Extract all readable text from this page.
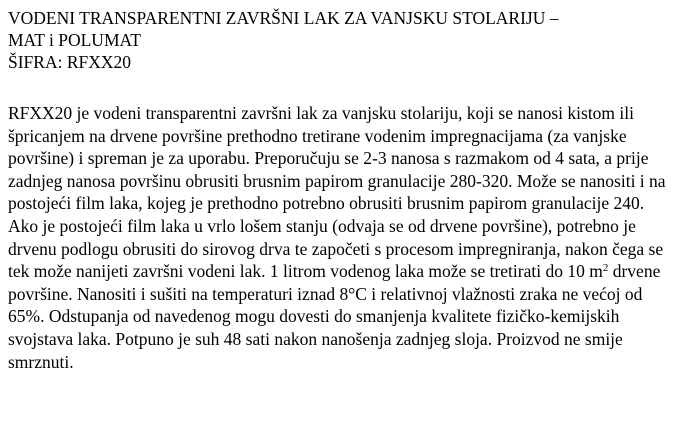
VODENI TRANSPARENTNI ZAVRŠNI LAK ZA VANJSKU STOLARIJU –
MAT i POLUMAT
ŠIFRA: RFXX20

RFXX20 je vodeni transparentni završni lak za vanjsku stolariju, koji se nanosi kistom ili špricanjem na drvene površine prethodno tretirane vodenim impregnacijama (za vanjske površine) i spreman je za uporabu. Preporučuju se 2-3 nanosa s razmakom od 4 sata, a prije zadnjeg nanosa površinu obrusiti brusnim papirom granulacije 280-320. Može se nanositi i na postojeći film laka, kojeg je prethodno potrebno obrusiti brusnim papirom granulacije 240. Ako je postojeći film laka u vrlo lošem stanju (odvaja se od drvene površine), potrebno je drvenu podlogu obrusiti do sirovog drva te započeti s procesom impregniranja, nakon čega se tek može nanijeti završni vodeni lak. 1 litrom vodenog laka može se tretirati do 10 $m^2$ drvene površine. Nanositi i sušiti na temperaturi iznad 8°C i relativnoj vlažnosti zraka ne većoj od 65%. Odstupanja od navedenog mogu dovesti do smanjenja kvalitete fizičko-kemijskih svojstava laka. Potpuno je suh 48 sati nakon nanošenja zadnjeg sloja. Proizvod ne smije smrznuti.
